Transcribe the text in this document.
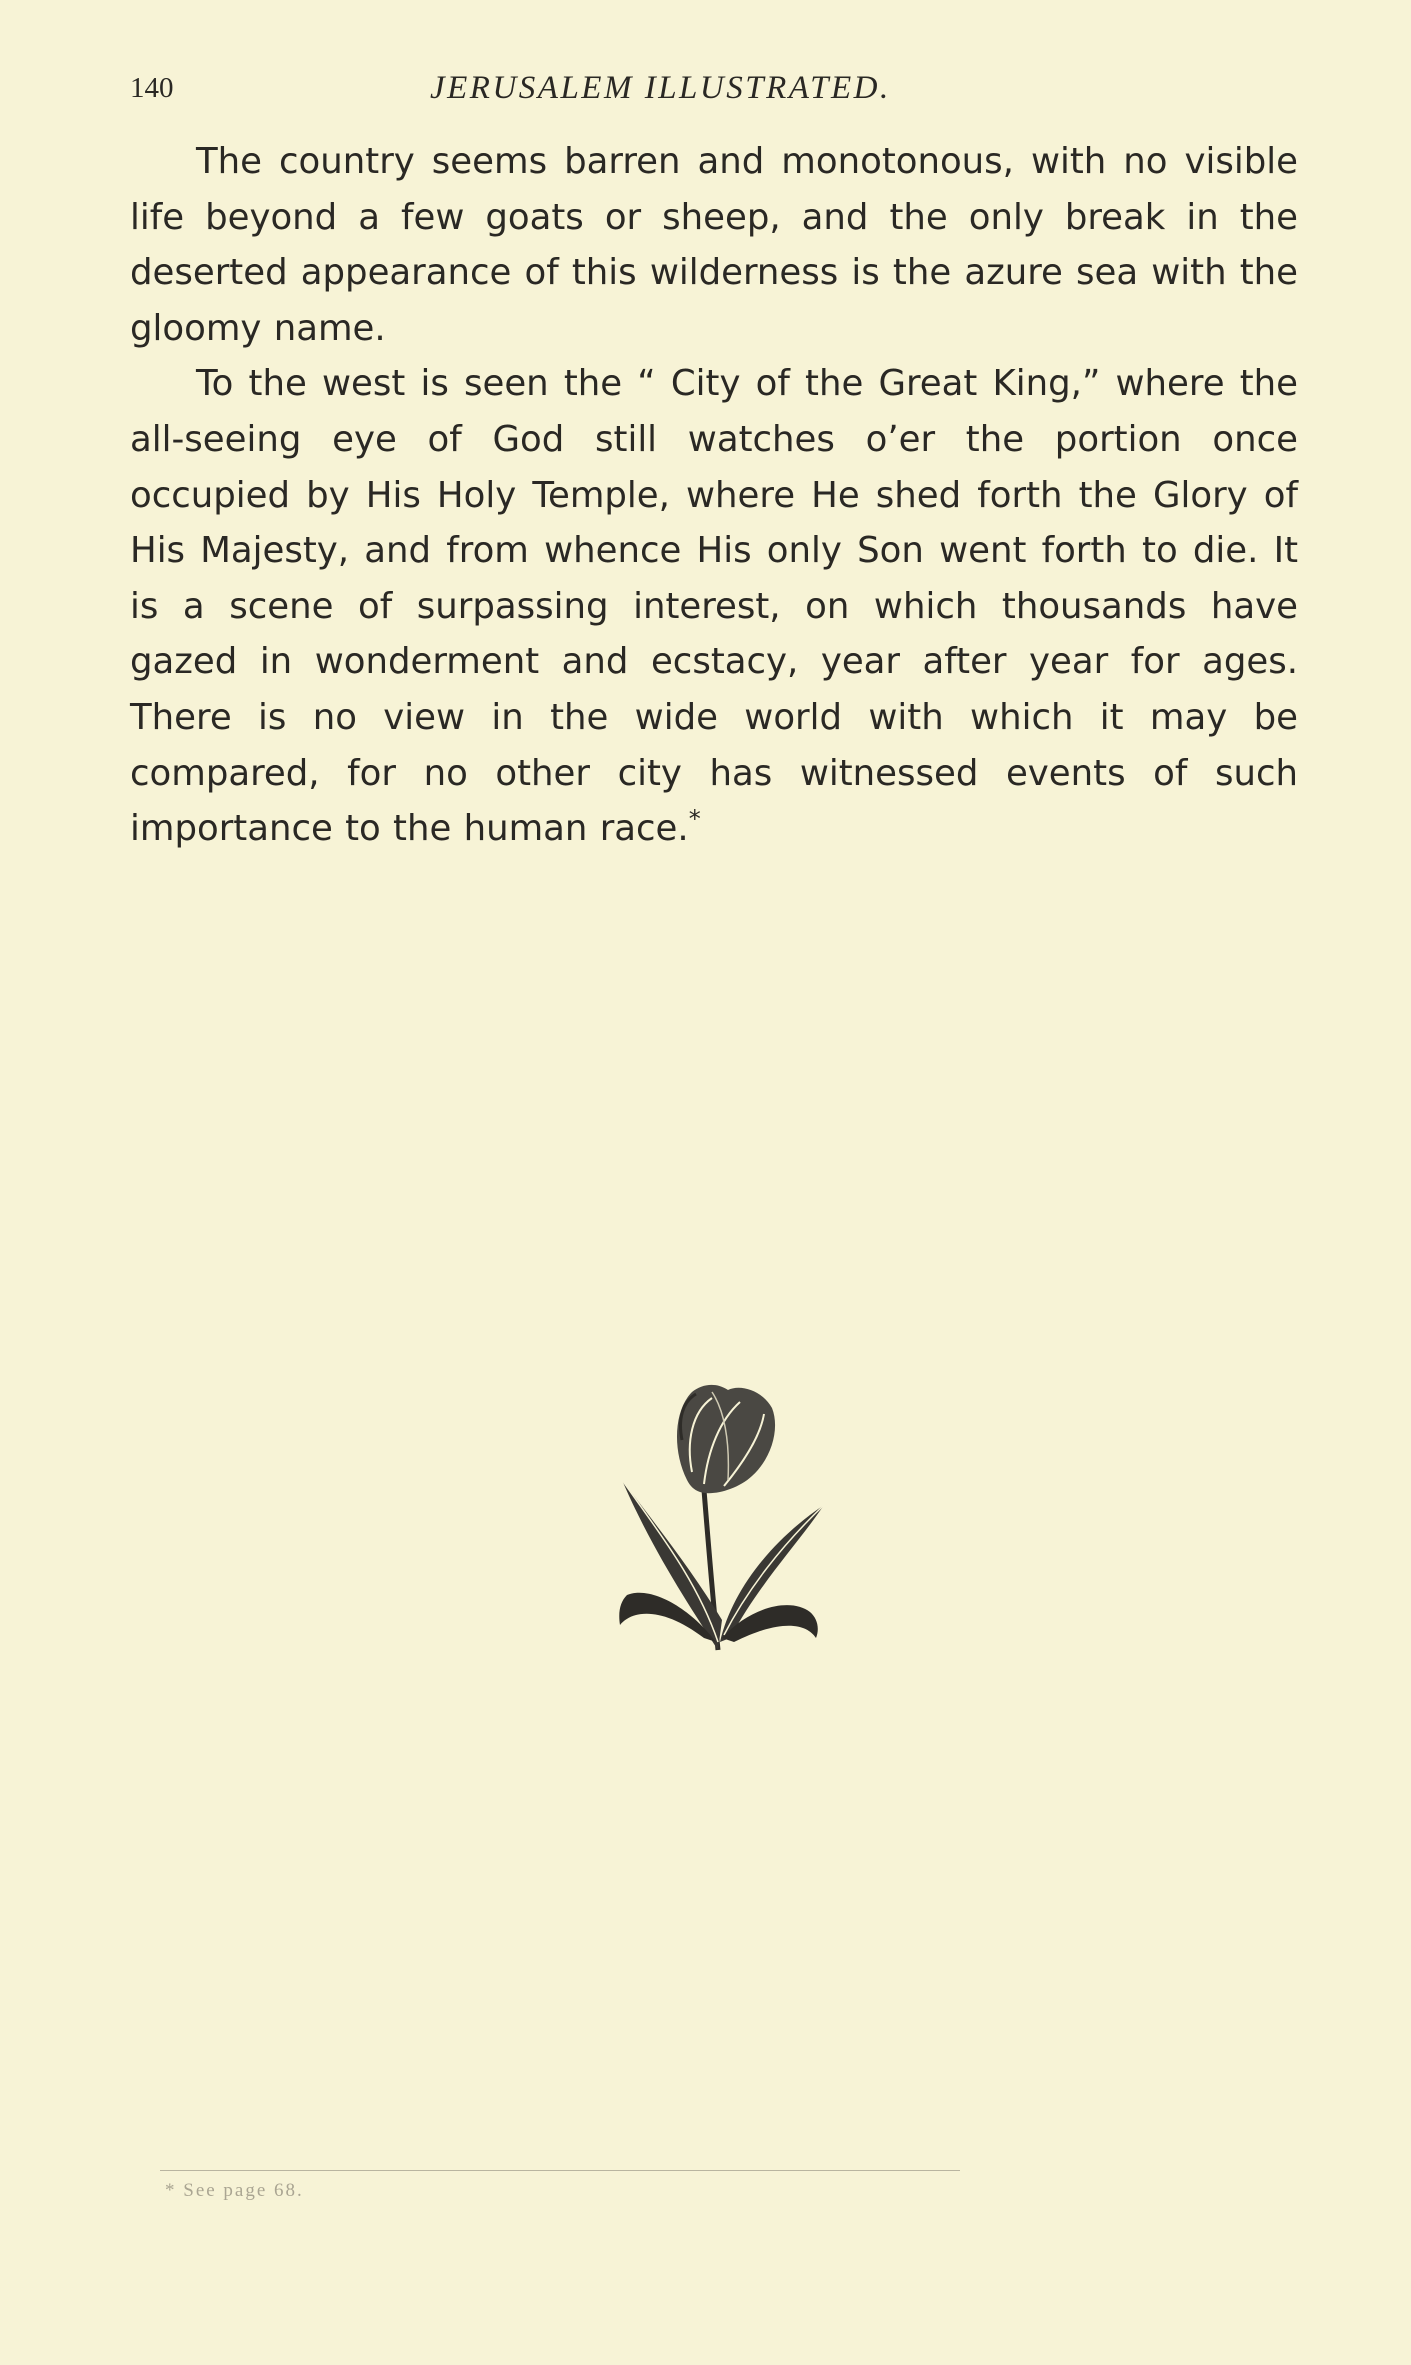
140	JERUSALEM ILLUSTRATED.

The country seems barren and monotonous, with no visible life beyond a few goats or sheep, and the only break in the deserted appearance of this wilderness is the azure sea with the gloomy name.

To the west is seen the “ City of the Great King,” where the all-seeing eye of God still watches o’er the portion once occupied by His Holy Temple, where He shed forth the Glory of His Majesty, and from whence His only Son went forth to die. It is a scene of surpassing interest, on which thousands have gazed in wonderment and ecstacy, year after year for ages. There is no view in the wide world with which it may be compared, for no other city has witnessed events of such importance to the human race.*

* See page 68.
